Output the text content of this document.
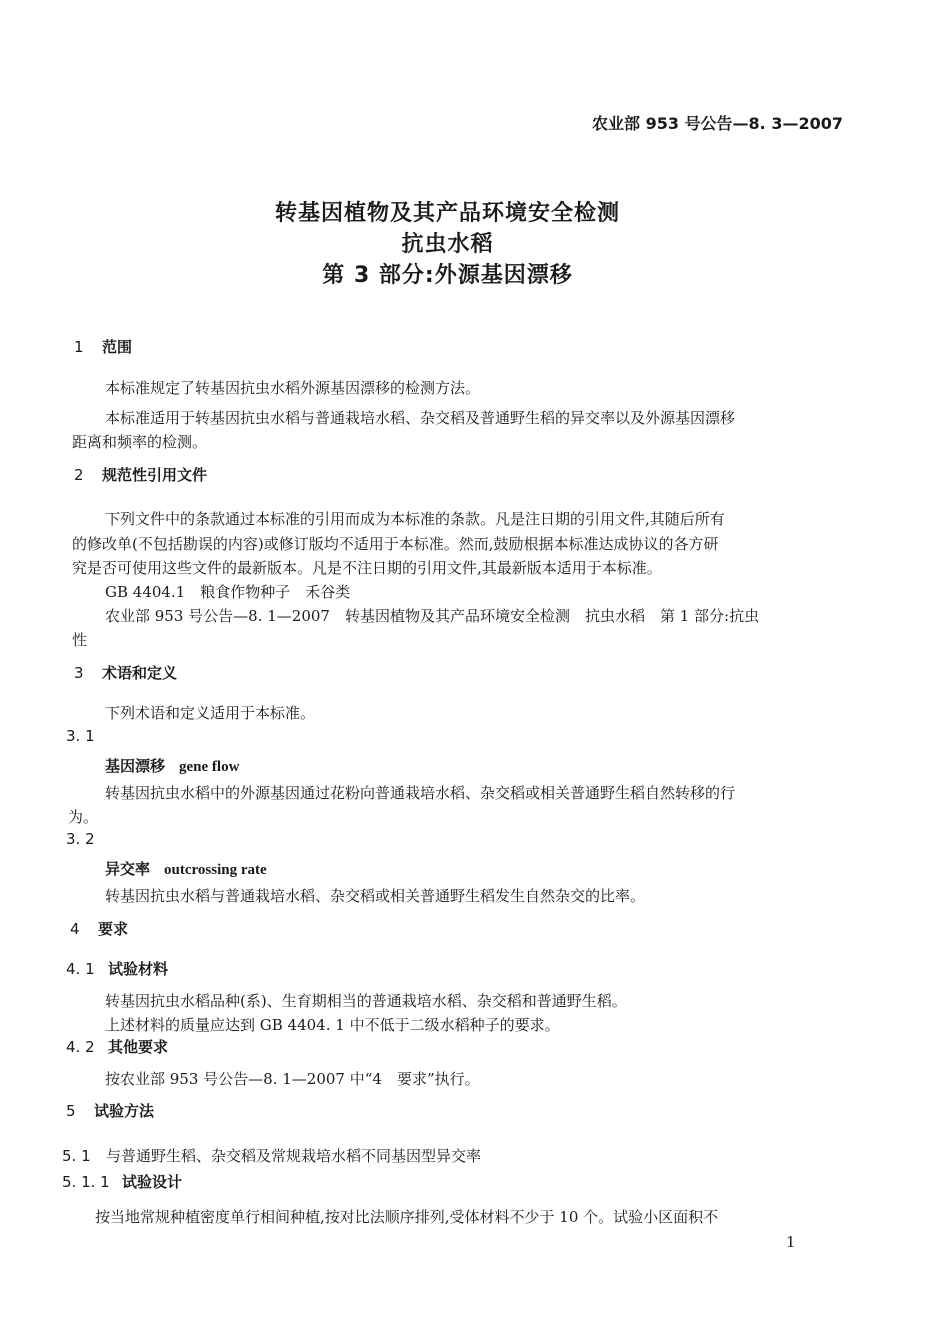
农业部 953 号公告—8. 3—2007
转基因植物及其产品环境安全检测
抗虫水稻
第 3 部分:外源基因漂移
1 范围
本标准规定了转基因抗虫水稻外源基因漂移的检测方法。
本标准适用于转基因抗虫水稻与普通栽培水稻、杂交稻及普通野生稻的异交率以及外源基因漂移
距离和频率的检测。
2 规范性引用文件
下列文件中的条款通过本标准的引用而成为本标准的条款。凡是注日期的引用文件,其随后所有
的修改单(不包括勘误的内容)或修订版均不适用于本标准。然而,鼓励根据本标准达成协议的各方研
究是否可使用这些文件的最新版本。凡是不注日期的引用文件,其最新版本适用于本标准。
GB 4404.1　粮食作物种子　禾谷类
农业部 953 号公告—8. 1—2007　转基因植物及其产品环境安全检测　抗虫水稻　第 1 部分:抗虫
性
3 术语和定义
下列术语和定义适用于本标准。
3. 1
基因漂移 gene flow
转基因抗虫水稻中的外源基因通过花粉向普通栽培水稻、杂交稻或相关普通野生稻自然转移的行
为。
3. 2
异交率 outcrossing rate
转基因抗虫水稻与普通栽培水稻、杂交稻或相关普通野生稻发生自然杂交的比率。
4 要求
4. 1 试验材料
转基因抗虫水稻品种(系)、生育期相当的普通栽培水稻、杂交稻和普通野生稻。
上述材料的质量应达到 GB 4404. 1 中不低于二级水稻种子的要求。
4. 2 其他要求
按农业部 953 号公告—8. 1—2007 中“4　要求”执行。
5 试验方法
5. 1 与普通野生稻、杂交稻及常规栽培水稻不同基因型异交率
5. 1. 1 试验设计
按当地常规种植密度单行相间种植,按对比法顺序排列,受体材料不少于 10 个。试验小区面积不
1
